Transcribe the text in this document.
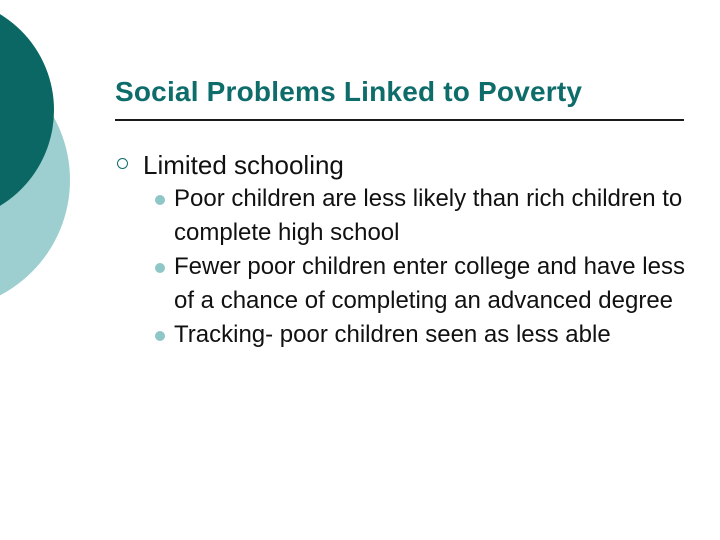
Social Problems Linked to Poverty
Limited schooling
Poor children are less likely than rich children to complete high school
Fewer poor children enter college and have less of a chance of completing an advanced degree
Tracking- poor children seen as less able
